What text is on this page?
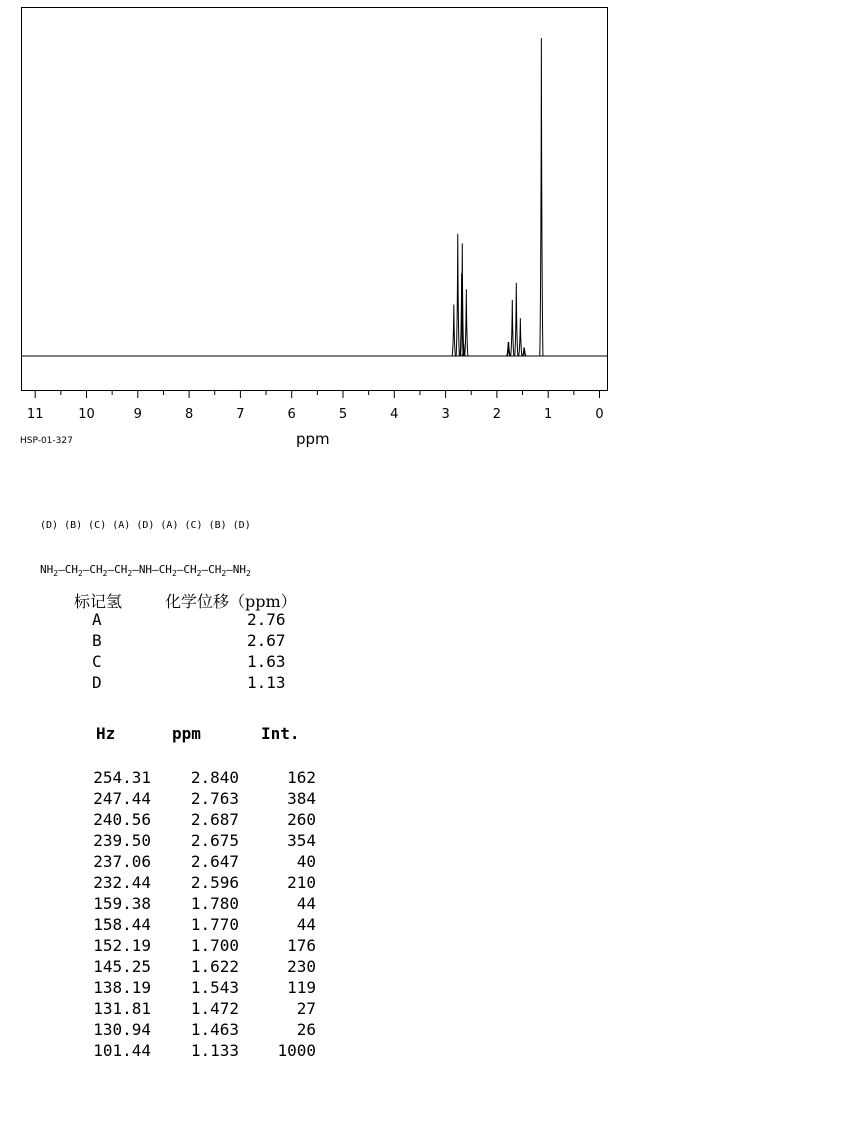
11	10	9	8	7	6	5	4	3	2	1	0
ppm
HSP-01-327

(D) (B) (C) (A) (D) (A) (C) (B) (D)

$NH_2—CH_2—CH_2—CH_2—NH—CH_2—CH_2—CH_2—NH_2$

标记氢	化学位移（ppm）
A	2.76
B	2.67
C	1.63
D	1.13
Hz	ppm	Int.
254.31	2.840	162
247.44	2.763	384
240.56	2.687	260
239.50	2.675	354
237.06	2.647	40
232.44	2.596	210
159.38	1.780	44
158.44	1.770	44
152.19	1.700	176
145.25	1.622	230
138.19	1.543	119
131.81	1.472	27
130.94	1.463	26
101.44	1.133	1000
